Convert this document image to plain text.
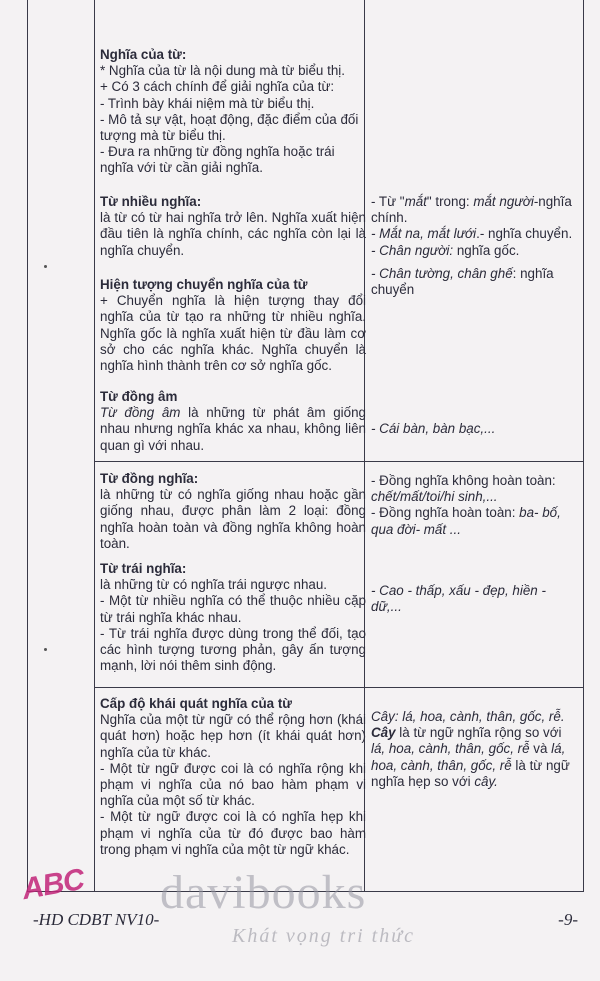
Nghĩa của từ:

* Nghĩa của từ là nội dung mà từ biểu thị.

+ Có 3 cách chính để giải nghĩa của từ:

- Trình bày khái niệm mà từ biểu thị.

- Mô tả sự vật, hoạt động, đặc điểm của đối tượng mà từ biểu thị.

- Đưa ra những từ đồng nghĩa hoặc trái nghĩa với từ cần giải nghĩa.

Từ nhiều nghĩa:

là từ có từ hai nghĩa trở lên. Nghĩa xuất hiện đầu tiên là nghĩa chính, các nghĩa còn lại là nghĩa chuyển.

Hiện tượng chuyển nghĩa của từ

+ Chuyển nghĩa là hiện tượng thay đổi nghĩa của từ tạo ra những từ nhiều nghĩa. Nghĩa gốc là nghĩa xuất hiện từ đầu làm cơ sở cho các nghĩa khác. Nghĩa chuyển là nghĩa hình thành trên cơ sở nghĩa gốc.

Từ đồng âm

Từ đồng âm là những từ phát âm giống nhau nhưng nghĩa khác xa nhau, không liên quan gì với nhau.

Từ đồng nghĩa:

là những từ có nghĩa giống nhau hoặc gần giống nhau, được phân làm 2 loại: đồng nghĩa hoàn toàn và đồng nghĩa không hoàn toàn.

Từ trái nghĩa:

là những từ có nghĩa trái ngược nhau.

- Một từ nhiều nghĩa có thể thuộc nhiều cặp từ trái nghĩa khác nhau.

- Từ trái nghĩa được dùng trong thể đối, tạo các hình tượng tương phản, gây ấn tượng mạnh, lời nói thêm sinh động.

Cấp độ khái quát nghĩa của từ

Nghĩa của một từ ngữ có thể rộng hơn (khái quát hơn) hoặc hẹp hơn (ít khái quát hơn) nghĩa của từ khác.

- Một từ ngữ được coi là có nghĩa rộng khi phạm vi nghĩa của nó bao hàm phạm vi nghĩa của một số từ khác.

- Một từ ngữ được coi là có nghĩa hẹp khi phạm vi nghĩa của từ đó được bao hàm trong phạm vi nghĩa của một từ ngữ khác.

- Từ "mắt" trong: mắt người-nghĩa chính.

- Mắt na, mắt lưới.- nghĩa chuyển.

- Chân người: nghĩa gốc.

- Chân tường, chân ghế: nghĩa chuyển

- Cái bàn, bàn bạc,...

- Đồng nghĩa không hoàn toàn: chết/mất/toi/hi sinh,...

- Đồng nghĩa hoàn toàn: ba- bố, qua đời- mất ...

- Cao - thấp, xấu - đẹp, hiền - dữ,...

Cây: lá, hoa, cành, thân, gốc, rễ.

Cây là từ ngữ nghĩa rộng so với lá, hoa, cành, thân, gốc, rễ và lá, hoa, cành, thân, gốc, rễ là từ ngữ nghĩa hẹp so với cây.

ABC davibooks
Khát vọng tri thức
-HD CDBT NV10-	-9-
